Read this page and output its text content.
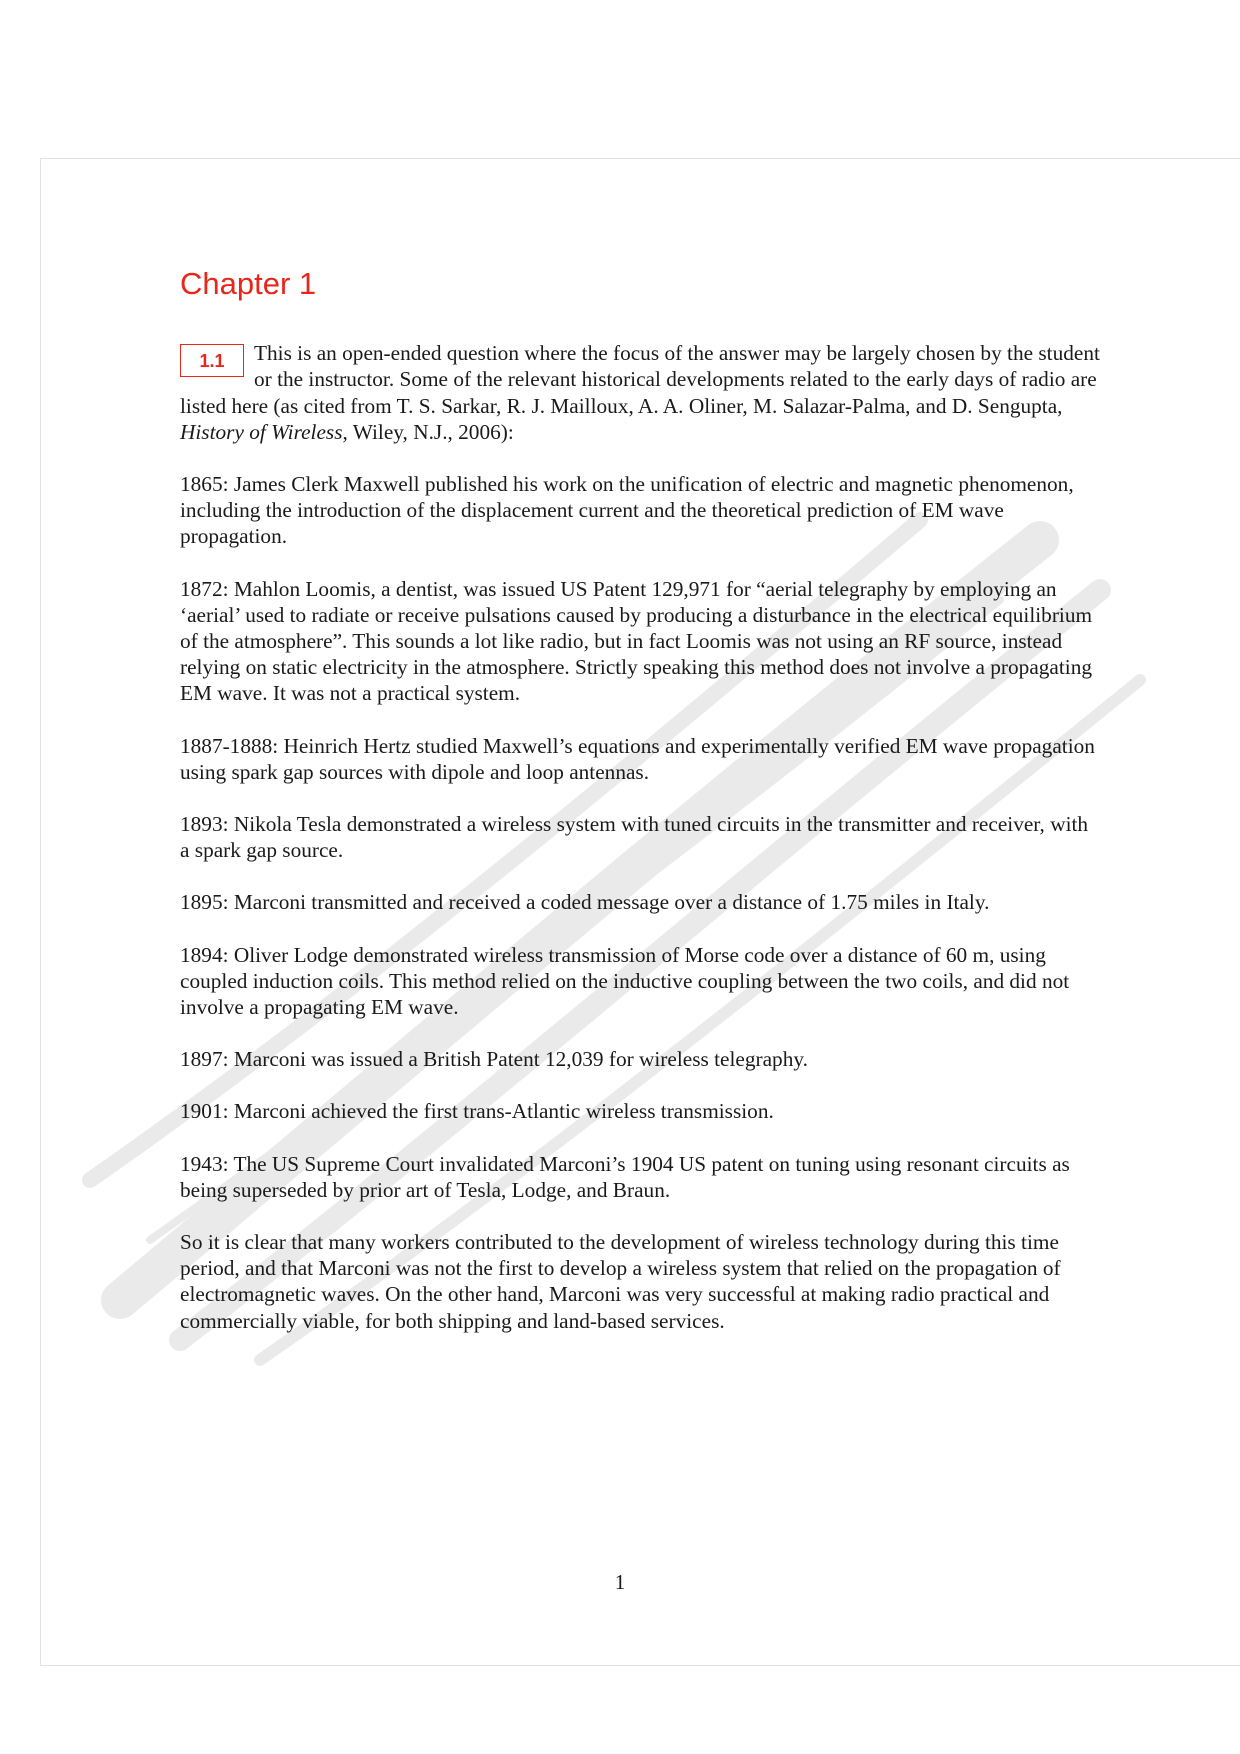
Chapter 1

1.1	This is an open-ended question where the focus of the answer may be largely chosen by the student or the instructor. Some of the relevant historical developments related to the early days of radio are listed here (as cited from T. S. Sarkar, R. J. Mailloux, A. A. Oliner, M. Salazar-Palma, and D. Sengupta, History of Wireless, Wiley, N.J., 2006):

1865: James Clerk Maxwell published his work on the unification of electric and magnetic phenomenon, including the introduction of the displacement current and the theoretical prediction of EM wave propagation.

1872: Mahlon Loomis, a dentist, was issued US Patent 129,971 for “aerial telegraphy by employing an ‘aerial’ used to radiate or receive pulsations caused by producing a disturbance in the electrical equilibrium of the atmosphere”. This sounds a lot like radio, but in fact Loomis was not using an RF source, instead relying on static electricity in the atmosphere. Strictly speaking this method does not involve a propagating EM wave. It was not a practical system.

1887-1888: Heinrich Hertz studied Maxwell’s equations and experimentally verified EM wave propagation using spark gap sources with dipole and loop antennas.

1893: Nikola Tesla demonstrated a wireless system with tuned circuits in the transmitter and receiver, with a spark gap source.

1895: Marconi transmitted and received a coded message over a distance of 1.75 miles in Italy.

1894: Oliver Lodge demonstrated wireless transmission of Morse code over a distance of 60 m, using coupled induction coils. This method relied on the inductive coupling between the two coils, and did not involve a propagating EM wave.

1897: Marconi was issued a British Patent 12,039 for wireless telegraphy.

1901: Marconi achieved the first trans-Atlantic wireless transmission.

1943: The US Supreme Court invalidated Marconi’s 1904 US patent on tuning using resonant circuits as being superseded by prior art of Tesla, Lodge, and Braun.

So it is clear that many workers contributed to the development of wireless technology during this time period, and that Marconi was not the first to develop a wireless system that relied on the propagation of electromagnetic waves. On the other hand, Marconi was very successful at making radio practical and commercially viable, for both shipping and land-based services.

1
